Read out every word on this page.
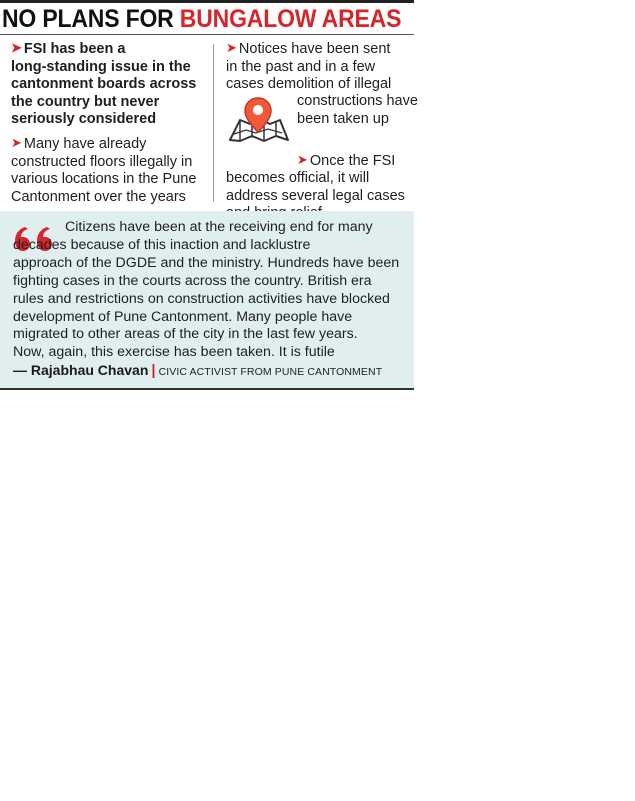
NO PLANS FOR BUNGALOW AREAS
➤ FSI has been a
long-standing issue in the
cantonment boards across
the country but never
seriously considered
➤ Many have already
constructed floors illegally in
various locations in the Pune
Cantonment over the years
➤ Notices have been sent
in the past and in a few
cases demolition of illegal
constructions have
been taken up

➤ Once the FSI
becomes official, it will
address several legal cases

Citizens have been at the receiving end for many
decades because of this inaction and lacklustre
approach of the DGDE and the ministry. Hundreds have been
fighting cases in the courts across the country. British era
rules and restrictions on construction activities have blocked
development of Pune Cantonment. Many people have
migrated to other areas of the city in the last few years.
Now, again, this exercise has been taken. It is futile
— Rajabhau Chavan | CIVIC ACTIVIST FROM PUNE CANTONMENT
